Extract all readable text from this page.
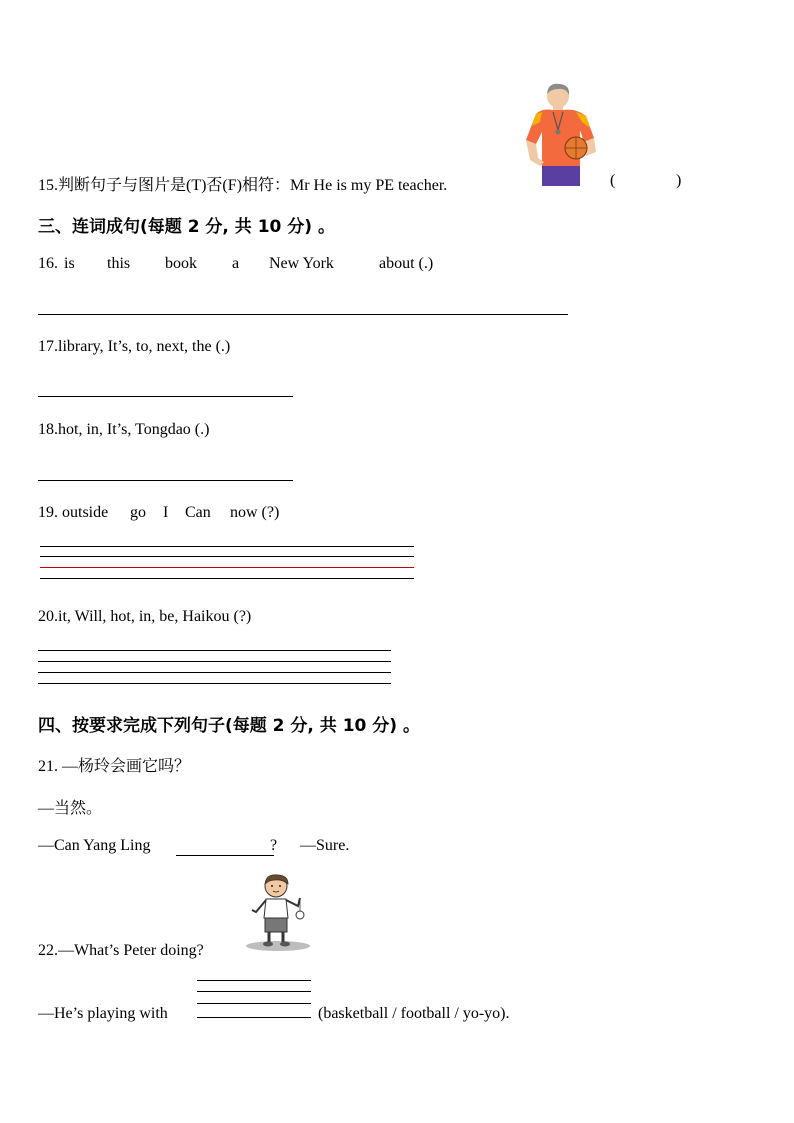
15.判断句子与图片是(T)否(F)相符：Mr He is my PE teacher.	(	)
三、连词成句(每题 2 分, 共 10 分) 。
16. is this book a New York	about (.)
17.library, It’s, to, next, the (.)
18.hot, in, It’s, Tongdao (.)
19. outside go I Can now (?)
20.it, Will, hot, in, be, Haikou (?)
四、按要求完成下列句子(每题 2 分, 共 10 分) 。
21. —杨玲会画它吗？
—当然。
—Can Yang Ling	? —Sure.
22.—What’s Peter doing?
—He’s playing with	(basketball / football / yo-yo).
